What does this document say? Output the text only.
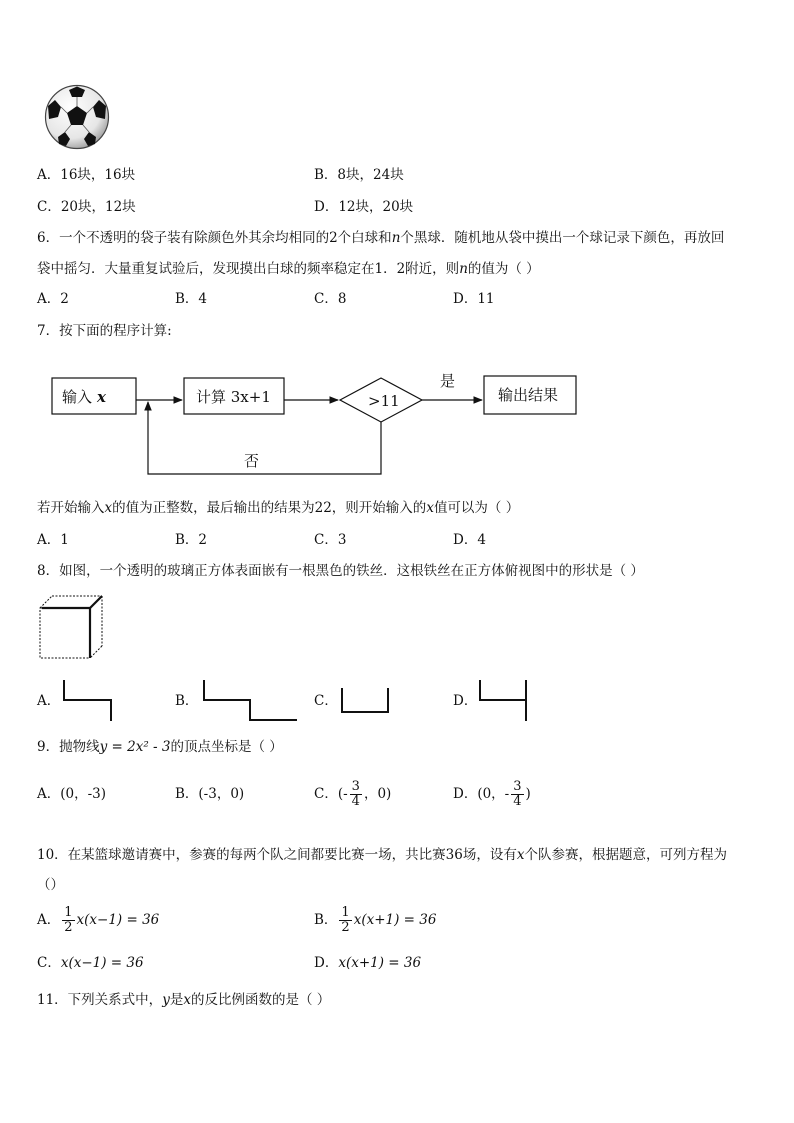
A．16块，16块	B．8块，24块
C．20块，12块	D．12块，20块
6．一个不透明的袋子装有除颜色外其余均相同的2个白球和n个黑球．随机地从袋中摸出一个球记录下颜色，再放回
袋中摇匀．大量重复试验后，发现摸出白球的频率稳定在1．2附近，则n的值为（ ）
A．2	B．4	C．8	D．11
7．按下面的程序计算:
输入 x	计算 3x+1	>11
是
输出结果
否
若开始输入x的值为正整数，最后输出的结果为22，则开始输入的x值可以为（ ）
A．1	B．2	C．3	D．4
8．如图，一个透明的玻璃正方体表面嵌有一根黑色的铁丝．这根铁丝在正方体俯视图中的形状是（ ）
A．	B．	C．	D．
9．抛物线y = 2x² - 3的顶点坐标是（ ）
A．(0，-3)	B．(-3，0)	C．(- $\frac{3}{4}$ ，0)	D．(0，- $\frac{3}{4}$ )
10．在某篮球邀请赛中，参赛的每两个队之间都要比赛一场，共比赛36场，设有x个队参赛，根据题意，可列方程为
（）
A． $\frac{1}{2} x(x-1) = 36$	B． $\frac{1}{2} x(x+1) = 36$
C．x(x−1) = 36	D．x(x+1) = 36
11．下列关系式中，y是x的反比例函数的是（ ）
